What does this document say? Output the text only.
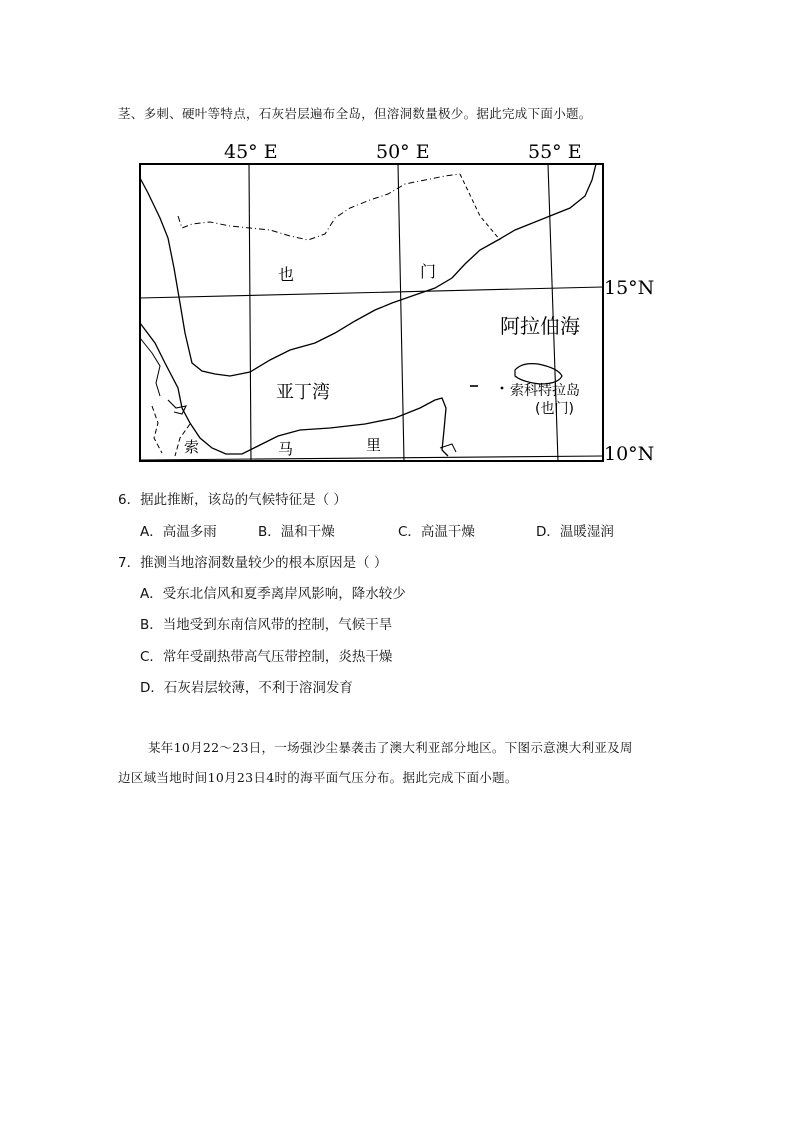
茎、多刺、硬叶等特点，石灰岩层遍布全岛，但溶洞数量极少。据此完成下面小题。
45° E	50° E	55° E
15°N
10°N
也	门
阿拉伯海
亚丁湾	索科特拉岛
(也门)
索	马	里
6．据此推断，该岛的气候特征是（ ）
A．高温多雨	B．温和干燥	C．高温干燥	D．温暖湿润
7．推测当地溶洞数量较少的根本原因是（ ）
A．受东北信风和夏季离岸风影响，降水较少
B．当地受到东南信风带的控制，气候干旱
C．常年受副热带高气压带控制，炎热干燥
D．石灰岩层较薄，不利于溶洞发育
某年10月22～23日，一场强沙尘暴袭击了澳大利亚部分地区。下图示意澳大利亚及周
边区域当地时间10月23日4时的海平面气压分布。据此完成下面小题。
